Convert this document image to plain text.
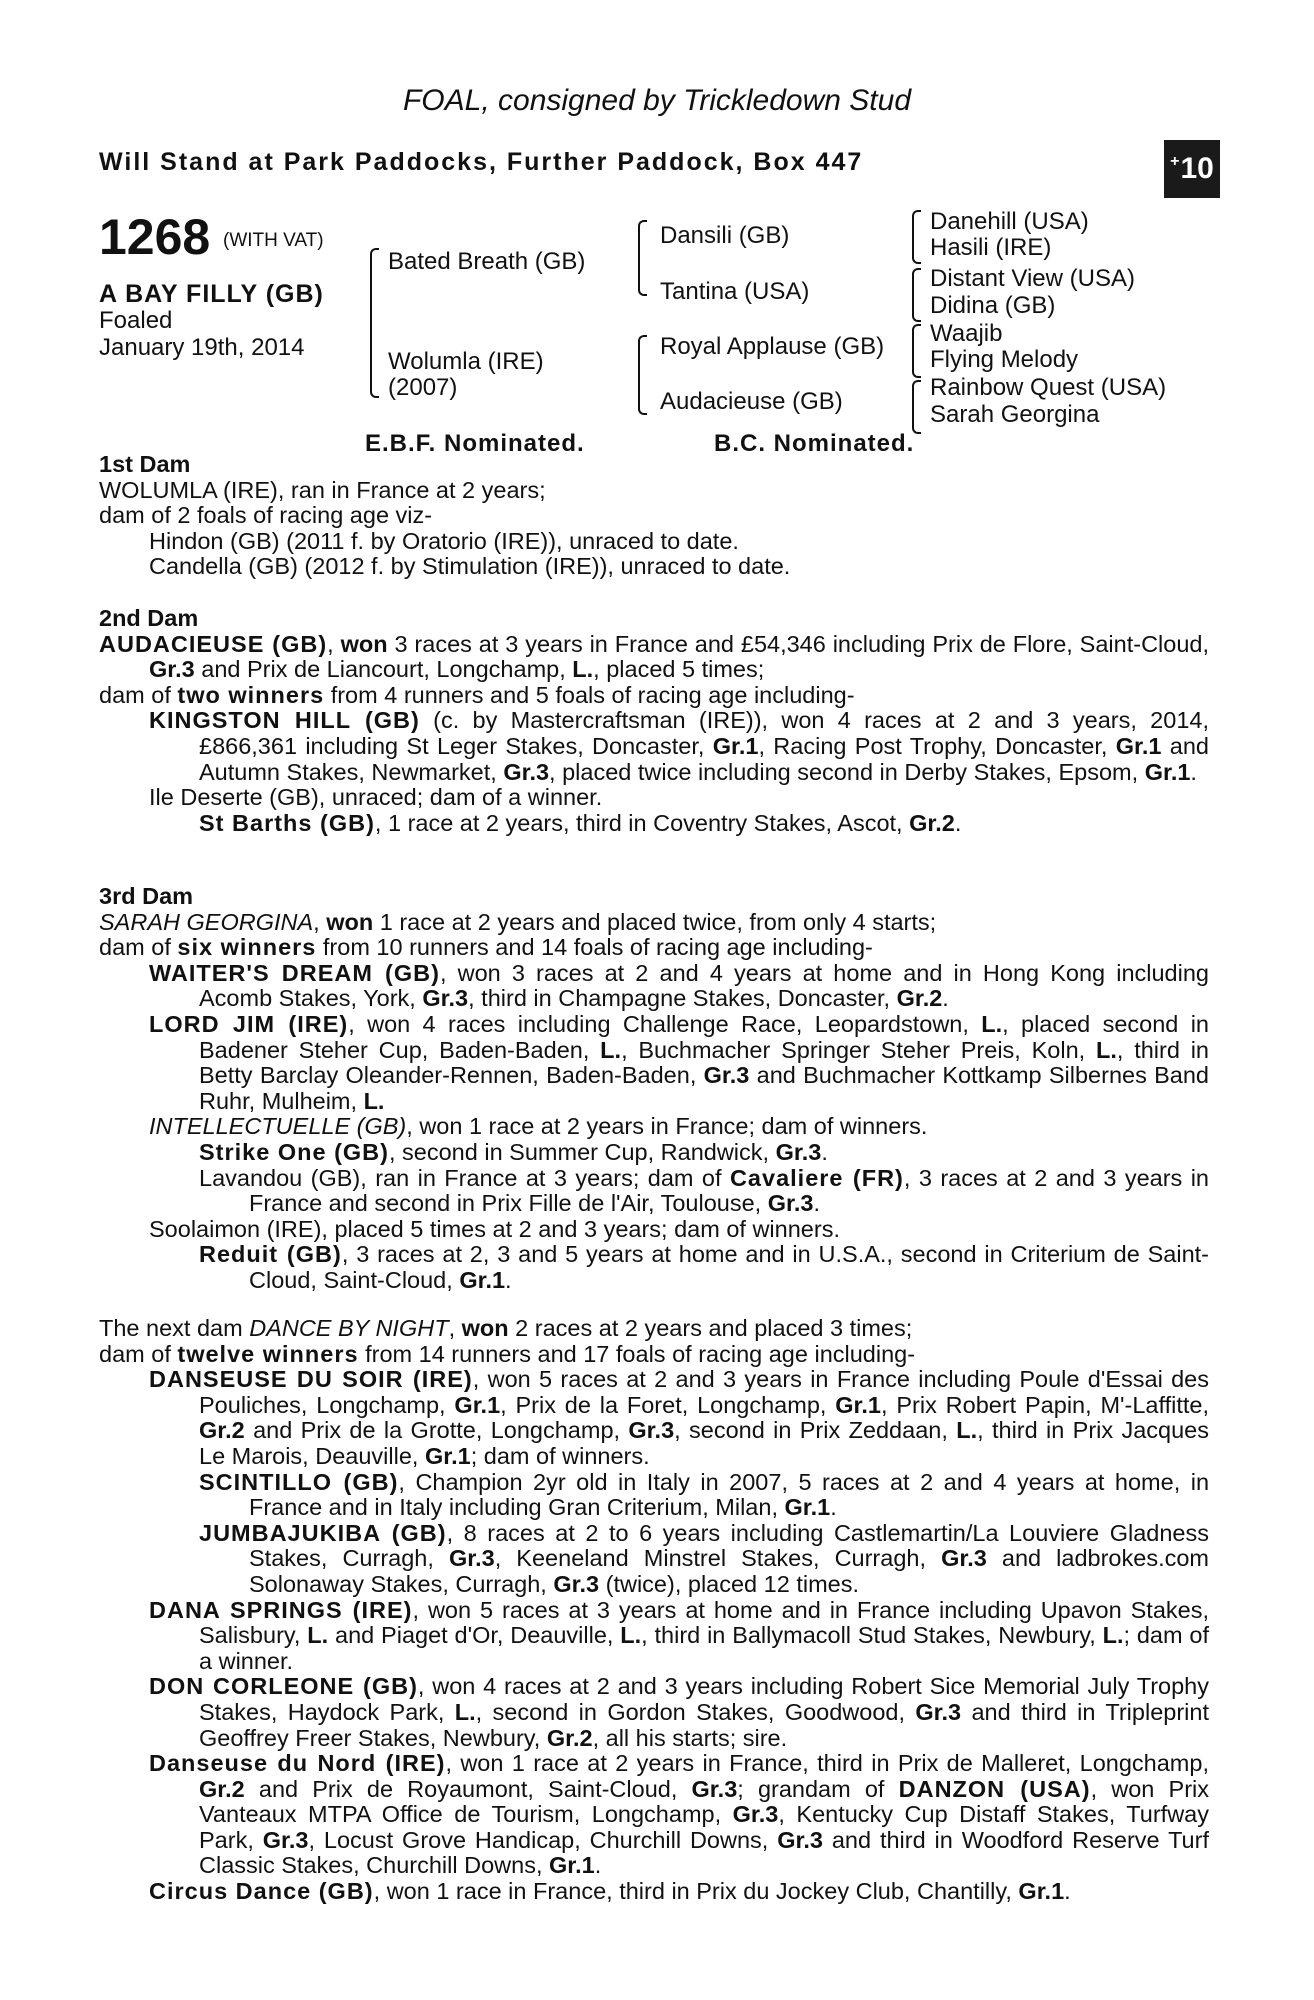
FOAL, consigned by Trickledown Stud
Will Stand at Park Paddocks, Further Paddock, Box 447	+ 10
1268 (WITH VAT)
A BAY FILLY (GB)
Foaled
January 19th, 2014
Bated Breath (GB)
Wolumla (IRE)
(2007)
Dansili (GB)
Tantina (USA)
Royal Applause (GB)
Audacieuse (GB)
Danehill (USA)
Hasili (IRE)
Distant View (USA)
Didina (GB)
Waajib
Flying Melody
Rainbow Quest (USA)
Sarah Georgina
E.B.F. Nominated.	B.C. Nominated.

1st Dam

WOLUMLA (IRE), ran in France at 2 years;

dam of 2 foals of racing age viz-

Hindon (GB) (2011 f. by Oratorio (IRE)), unraced to date.

Candella (GB) (2012 f. by Stimulation (IRE)), unraced to date.

2nd Dam

AUDACIEUSE (GB), won 3 races at 3 years in France and £54,346 including Prix de Flore, Saint-Cloud, Gr.3 and Prix de Liancourt, Longchamp, L., placed 5 times;

dam of two winners from 4 runners and 5 foals of racing age including-

KINGSTON HILL (GB) (c. by Mastercraftsman (IRE)), won 4 races at 2 and 3 years, 2014, £866,361 including St Leger Stakes, Doncaster, Gr.1, Racing Post Trophy, Doncaster, Gr.1 and Autumn Stakes, Newmarket, Gr.3, placed twice including second in Derby Stakes, Epsom, Gr.1.

Ile Deserte (GB), unraced; dam of a winner.

St Barths (GB), 1 race at 2 years, third in Coventry Stakes, Ascot, Gr.2.

3rd Dam

SARAH GEORGINA, won 1 race at 2 years and placed twice, from only 4 starts;

dam of six winners from 10 runners and 14 foals of racing age including-

WAITER'S DREAM (GB), won 3 races at 2 and 4 years at home and in Hong Kong including Acomb Stakes, York, Gr.3, third in Champagne Stakes, Doncaster, Gr.2.

LORD JIM (IRE), won 4 races including Challenge Race, Leopardstown, L., placed second in Badener Steher Cup, Baden-Baden, L., Buchmacher Springer Steher Preis, Koln, L., third in Betty Barclay Oleander-Rennen, Baden-Baden, Gr.3 and Buchmacher Kottkamp Silbernes Band Ruhr, Mulheim, L.

INTELLECTUELLE (GB), won 1 race at 2 years in France; dam of winners.

Strike One (GB), second in Summer Cup, Randwick, Gr.3.

Lavandou (GB), ran in France at 3 years; dam of Cavaliere (FR), 3 races at 2 and 3 years in France and second in Prix Fille de l'Air, Toulouse, Gr.3.

Soolaimon (IRE), placed 5 times at 2 and 3 years; dam of winners.

Reduit (GB), 3 races at 2, 3 and 5 years at home and in U.S.A., second in Criterium de Saint-Cloud, Saint-Cloud, Gr.1.

The next dam DANCE BY NIGHT, won 2 races at 2 years and placed 3 times;

dam of twelve winners from 14 runners and 17 foals of racing age including-

DANSEUSE DU SOIR (IRE), won 5 races at 2 and 3 years in France including Poule d'Essai des Pouliches, Longchamp, Gr.1, Prix de la Foret, Longchamp, Gr.1, Prix Robert Papin, M'-Laffitte, Gr.2 and Prix de la Grotte, Longchamp, Gr.3, second in Prix Zeddaan, L., third in Prix Jacques Le Marois, Deauville, Gr.1; dam of winners.

SCINTILLO (GB), Champion 2yr old in Italy in 2007, 5 races at 2 and 4 years at home, in France and in Italy including Gran Criterium, Milan, Gr.1.

JUMBAJUKIBA (GB), 8 races at 2 to 6 years including Castlemartin/La Louviere Gladness Stakes, Curragh, Gr.3, Keeneland Minstrel Stakes, Curragh, Gr.3 and ladbrokes.com Solonaway Stakes, Curragh, Gr.3 (twice), placed 12 times.

DANA SPRINGS (IRE), won 5 races at 3 years at home and in France including Upavon Stakes, Salisbury, L. and Piaget d'Or, Deauville, L., third in Ballymacoll Stud Stakes, Newbury, L.; dam of a winner.

DON CORLEONE (GB), won 4 races at 2 and 3 years including Robert Sice Memorial July Trophy Stakes, Haydock Park, L., second in Gordon Stakes, Goodwood, Gr.3 and third in Tripleprint Geoffrey Freer Stakes, Newbury, Gr.2, all his starts; sire.

Danseuse du Nord (IRE), won 1 race at 2 years in France, third in Prix de Malleret, Longchamp, Gr.2 and Prix de Royaumont, Saint-Cloud, Gr.3; grandam of DANZON (USA), won Prix Vanteaux MTPA Office de Tourism, Longchamp, Gr.3, Kentucky Cup Distaff Stakes, Turfway Park, Gr.3, Locust Grove Handicap, Churchill Downs, Gr.3 and third in Woodford Reserve Turf Classic Stakes, Churchill Downs, Gr.1.

Circus Dance (GB), won 1 race in France, third in Prix du Jockey Club, Chantilly, Gr.1.
